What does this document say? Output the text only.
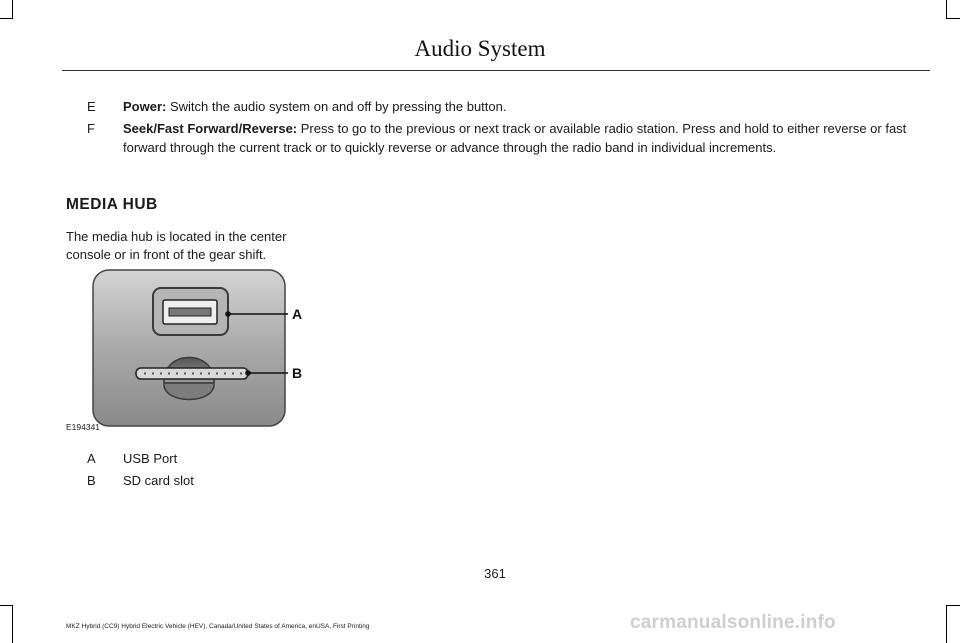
Audio System
E	Power: Switch the audio system on and off by pressing the button.
F	Seek/Fast Forward/Reverse: Press to go to the previous or next track or available radio station. Press and hold to either reverse or fast forward through the current track or to quickly reverse or advance through the radio band in individual increments.
MEDIA HUB
The media hub is located in the center console or in front of the gear shift.
A
B
E194341
A	USB Port
B	SD card slot
361
MKZ Hybrid (CC9) Hybrid Electric Vehicle (HEV), Canada/United States of America, enUSA, First Printing	carmanualsonline.info
